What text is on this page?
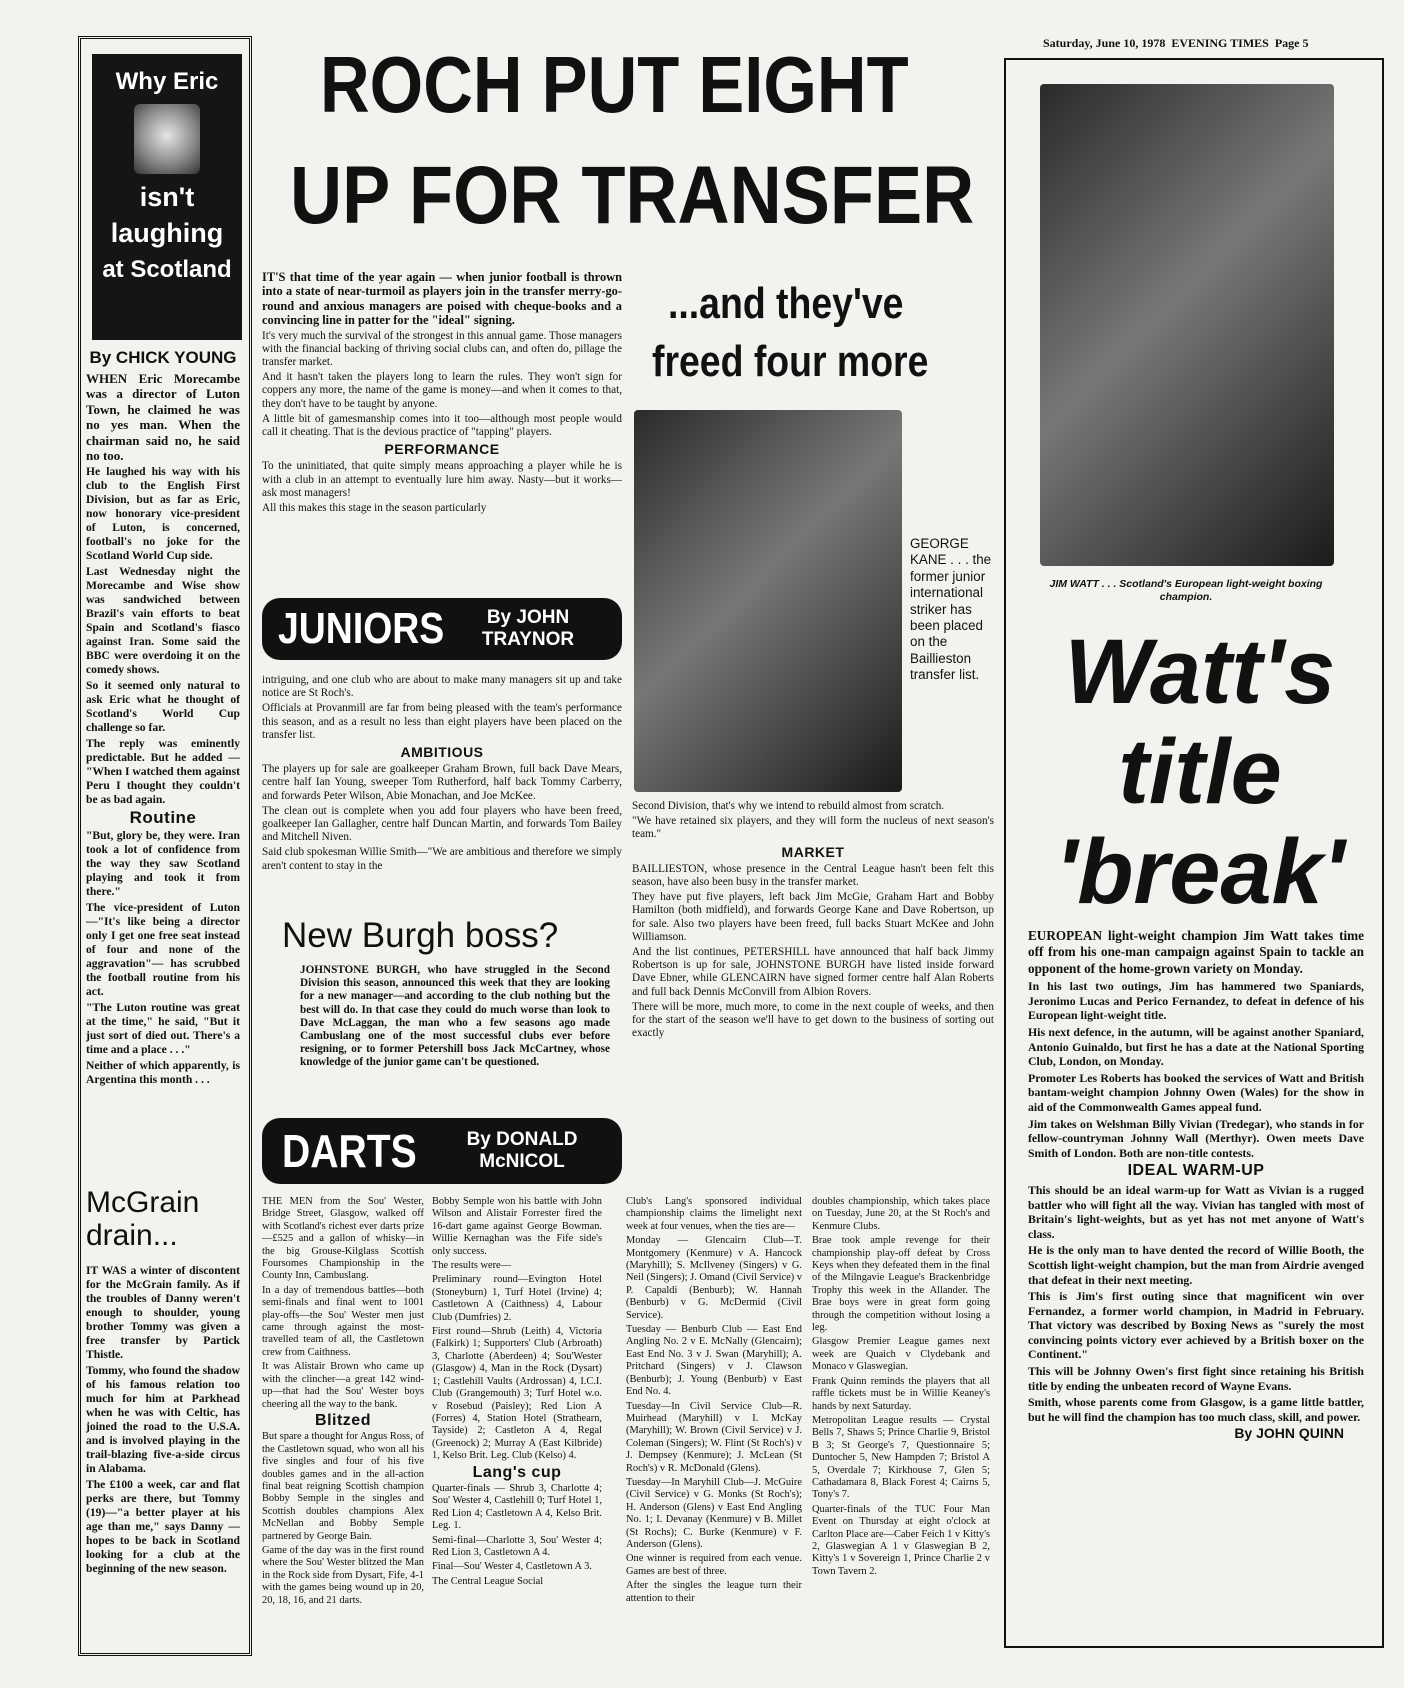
Saturday, June 10, 1978  EVENING TIMES  Page 5
Why Eric
isn't
laughing
at Scotland
By CHICK YOUNG

WHEN Eric Morecambe was a director of Luton Town, he claimed he was no yes man. When the chairman said no, he said no too.

He laughed his way with his club to the English First Division, but as far as Eric, now honorary vice-president of Luton, is concerned, football's no joke for the Scotland World Cup side.

Last Wednesday night the Morecambe and Wise show was sandwiched between Brazil's vain efforts to beat Spain and Scotland's fiasco against Iran. Some said the BBC were overdoing it on the comedy shows.

So it seemed only natural to ask Eric what he thought of Scotland's World Cup challenge so far.

The reply was eminently predictable. But he added — "When I watched them against Peru I thought they couldn't be as bad again.

Routine

"But, glory be, they were. Iran took a lot of confidence from the way they saw Scotland playing and took it from there."

The vice-president of Luton—"It's like being a director only I get one free seat instead of four and none of the aggravation"— has scrubbed the football routine from his act.

"The Luton routine was great at the time," he said, "But it just sort of died out. There's a time and a place . . ."

Neither of which apparently, is Argentina this month . . .

McGrain drain...

IT WAS a winter of discontent for the McGrain family. As if the troubles of Danny weren't enough to shoulder, young brother Tommy was given a free transfer by Partick Thistle.

Tommy, who found the shadow of his famous relation too much for him at Parkhead when he was with Celtic, has joined the road to the U.S.A. and is involved playing in the trail-blazing five-a-side circus in Alabama.

The £100 a week, car and flat perks are there, but Tommy (19)—"a better player at his age than me," says Danny —hopes to be back in Scotland looking for a club at the beginning of the new season.

ROCH PUT EIGHT
UP FOR TRANSFER

IT'S that time of the year again — when junior football is thrown into a state of near-turmoil as players join in the transfer merry-go-round and anxious managers are poised with cheque-books and a convincing line in patter for the "ideal" signing.

It's very much the survival of the strongest in this annual game. Those managers with the financial backing of thriving social clubs can, and often do, pillage the transfer market.

And it hasn't taken the players long to learn the rules. They won't sign for coppers any more, the name of the game is money—and when it comes to that, they don't have to be taught by anyone.

A little bit of gamesmanship comes into it too—although most people would call it cheating. That is the devious practice of "tapping" players.

PERFORMANCE

To the uninitiated, that quite simply means approaching a player while he is with a club in an attempt to eventually lure him away. Nasty—but it works—ask most managers!

All this makes this stage in the season particularly

JUNIORS	By JOHN TRAYNOR

intriguing, and one club who are about to make many managers sit up and take notice are St Roch's.

Officials at Provanmill are far from being pleased with the team's performance this season, and as a result no less than eight players have been placed on the transfer list.

AMBITIOUS

The players up for sale are goalkeeper Graham Brown, full back Dave Mears, centre half Ian Young, sweeper Tom Rutherford, half back Tommy Carberry, and forwards Peter Wilson, Abie Monachan, and Joe McKee.

The clean out is complete when you add four players who have been freed, goalkeeper Ian Gallagher, centre half Duncan Martin, and forwards Tom Bailey and Mitchell Niven.

Said club spokesman Willie Smith—"We are ambitious and therefore we simply aren't content to stay in the

New Burgh boss?
JOHNSTONE BURGH, who have struggled in the Second Division this season, announced this week that they are looking for a new manager—and according to the club nothing but the best will do. In that case they could do much worse than look to Dave McLaggan, the man who a few seasons ago made Cambuslang one of the most successful clubs ever before resigning, or to former Petershill boss Jack McCartney, whose knowledge of the junior game can't be questioned.
...and they've
freed four more
GEORGE KANE . . . the former junior international striker has been placed on the Baillieston transfer list.

Second Division, that's why we intend to rebuild almost from scratch.

"We have retained six players, and they will form the nucleus of next season's team."

MARKET

BAILLIESTON, whose presence in the Central League hasn't been felt this season, have also been busy in the transfer market.

They have put five players, left back Jim McGie, Graham Hart and Bobby Hamilton (both midfield), and forwards George Kane and Dave Robertson, up for sale. Also two players have been freed, full backs Stuart McKee and John Williamson.

And the list continues, PETERSHILL have announced that half back Jimmy Robertson is up for sale, JOHNSTONE BURGH have listed inside forward Dave Ebner, while GLENCAIRN have signed former centre half Alan Roberts and full back Dennis McConvill from Albion Rovers.

There will be more, much more, to come in the next couple of weeks, and then for the start of the season we'll have to get down to the business of sorting out exactly

DARTS	By DONALD McNICOL

THE MEN from the Sou' Wester, Bridge Street, Glasgow, walked off with Scotland's richest ever darts prize—£525 and a gallon of whisky—in the big Grouse-Kilglass Scottish Foursomes Championship in the County Inn, Cambuslang.

In a day of tremendous battles—both semi-finals and final went to 1001 play-offs—the Sou' Wester men just came through against the most-travelled team of all, the Castletown crew from Caithness.

It was Alistair Brown who came up with the clincher—a great 142 wind-up—that had the Sou' Wester boys cheering all the way to the bank.

Blitzed

But spare a thought for Angus Ross, of the Castletown squad, who won all his five singles and four of his five doubles games and in the all-action final beat reigning Scottish champion Bobby Semple in the singles and Scottish doubles champions Alex McNellan and Bobby Semple partnered by George Bain.

Game of the day was in the first round where the Sou' Wester blitzed the Man in the Rock side from Dysart, Fife, 4-1 with the games being wound up in 20, 20, 18, 16, and 21 darts.

Bobby Semple won his battle with John Wilson and Alistair Forrester fired the 16-dart game against George Bowman. Willie Kernaghan was the Fife side's only success.

The results were—

Preliminary round—Evington Hotel (Stoneyburn) 1, Turf Hotel (Irvine) 4; Castletown A (Caithness) 4, Labour Club (Dumfries) 2.

First round—Shrub (Leith) 4, Victoria (Falkirk) 1; Supporters' Club (Arbroath) 3, Charlotte (Aberdeen) 4; Sou'Wester (Glasgow) 4, Man in the Rock (Dysart) 1; Castlehill Vaults (Ardrossan) 4, I.C.I. Club (Grangemouth) 3; Turf Hotel w.o. v Rosebud (Paisley); Red Lion A (Forres) 4, Station Hotel (Strathearn, Tayside) 2; Castleton A 4, Regal (Greenock) 2; Murray A (East Kilbride) 1, Kelso Brit. Leg. Club (Kelso) 4.

Lang's cup

Quarter-finals — Shrub 3, Charlotte 4; Sou' Wester 4, Castlehill 0; Turf Hotel 1, Red Lion 4; Castletown A 4, Kelso Brit. Leg. 1.

Semi-final—Charlotte 3, Sou' Wester 4; Red Lion 3, Castletown A 4.

Final—Sou' Wester 4, Castletown A 3.

The Central League Social

Club's Lang's sponsored individual championship claims the limelight next week at four venues, when the ties are—

Monday — Glencairn Club—T. Montgomery (Kenmure) v A. Hancock (Maryhill); S. McIlveney (Singers) v G. Neil (Singers); J. Omand (Civil Service) v P. Capaldi (Benburb); W. Hannah (Benburb) v G. McDermid (Civil Service).

Tuesday — Benburb Club — East End Angling No. 2 v E. McNally (Glencairn); East End No. 3 v J. Swan (Maryhill); A. Pritchard (Singers) v J. Clawson (Benburb); J. Young (Benburb) v East End No. 4.

Tuesday—In Civil Service Club—R. Muirhead (Maryhill) v I. McKay (Maryhill); W. Brown (Civil Service) v J. Coleman (Singers); W. Flint (St Roch's) v J. Dempsey (Kenmure); J. McLean (St Roch's) v R. McDonald (Glens).

Tuesday—In Maryhill Club—J. McGuire (Civil Service) v G. Monks (St Roch's); H. Anderson (Glens) v East End Angling No. 1; I. Devanay (Kenmure) v B. Millet (St Rochs); C. Burke (Kenmure) v F. Anderson (Glens).

One winner is required from each venue. Games are best of three.

After the singles the league turn their attention to their

doubles championship, which takes place on Tuesday, June 20, at the St Roch's and Kenmure Clubs.

Brae took ample revenge for their championship play-off defeat by Cross Keys when they defeated them in the final of the Milngavie League's Brackenbridge Trophy this week in the Allander. The Brae boys were in great form going through the competition without losing a leg.

Glasgow Premier League games next week are Quaich v Clydebank and Monaco v Glaswegian.

Frank Quinn reminds the players that all raffle tickets must be in Willie Keaney's hands by next Saturday.

Metropolitan League results — Crystal Bells 7, Shaws 5; Prince Charlie 9, Bristol B 3; St George's 7, Questionnaire 5; Duntocher 5, New Hampden 7; Bristol A 5, Overdale 7; Kirkhouse 7, Glen 5; Cathadamara 8, Black Forest 4; Cairns 5, Tony's 7.

Quarter-finals of the TUC Four Man Event on Thursday at eight o'clock at Carlton Place are—Caber Feich 1 v Kitty's 2, Glaswegian A 1 v Glaswegian B 2, Kitty's 1 v Sovereign 1, Prince Charlie 2 v Town Tavern 2.

JIM WATT . . . Scotland's European light-weight boxing champion.
Watt's
title
'break'

EUROPEAN light-weight champion Jim Watt takes time off from his one-man campaign against Spain to tackle an opponent of the home-grown variety on Monday.

In his last two outings, Jim has hammered two Spaniards, Jeronimo Lucas and Perico Fernandez, to defeat in defence of his European light-weight title.

His next defence, in the autumn, will be against another Spaniard, Antonio Guinaldo, but first he has a date at the National Sporting Club, London, on Monday.

Promoter Les Roberts has booked the services of Watt and British bantam-weight champion Johnny Owen (Wales) for the show in aid of the Commonwealth Games appeal fund.

Jim takes on Welshman Billy Vivian (Tredegar), who stands in for fellow-countryman Johnny Wall (Merthyr). Owen meets Dave Smith of London. Both are non-title contests.

IDEAL WARM-UP

This should be an ideal warm-up for Watt as Vivian is a rugged battler who will fight all the way. Vivian has tangled with most of Britain's light-weights, but as yet has not met anyone of Watt's class.

He is the only man to have dented the record of Willie Booth, the Scottish light-weight champion, but the man from Airdrie avenged that defeat in their next meeting.

This is Jim's first outing since that magnificent win over Fernandez, a former world champion, in Madrid in February. That victory was described by Boxing News as "surely the most convincing points victory ever achieved by a British boxer on the Continent."

This will be Johnny Owen's first fight since retaining his British title by ending the unbeaten record of Wayne Evans.

Smith, whose parents come from Glasgow, is a game little battler, but he will find the champion has too much class, skill, and power.

By JOHN QUINN
